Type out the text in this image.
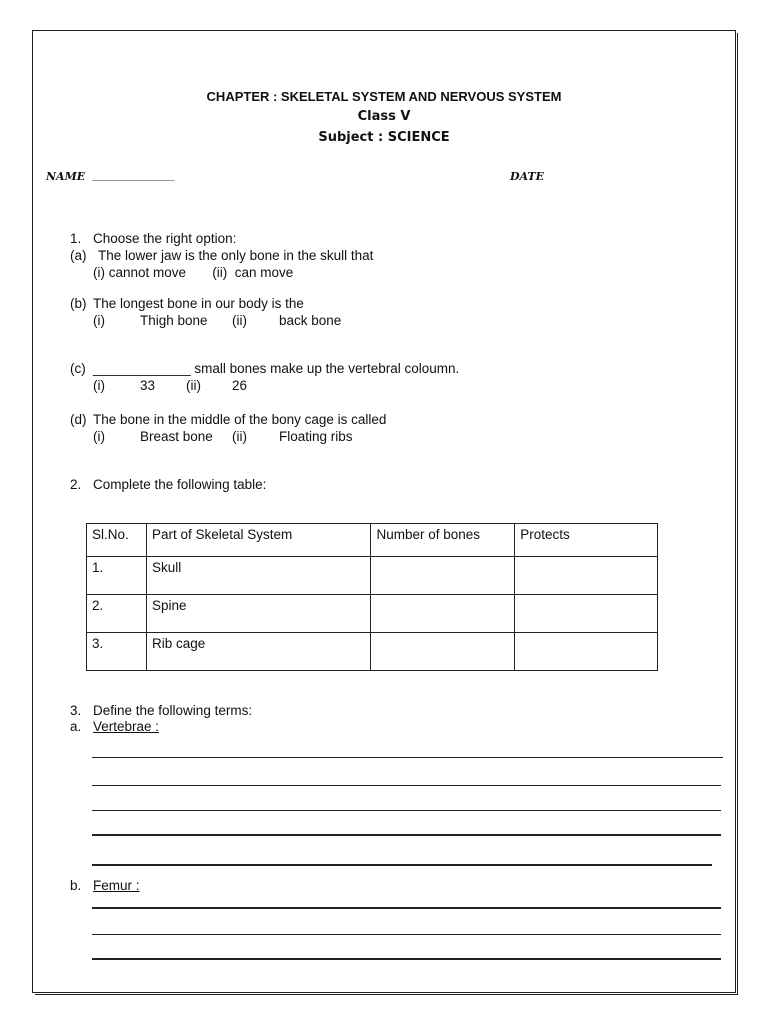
CHAPTER : SKELETAL SYSTEM AND NERVOUS SYSTEM
Class V
Subject : SCIENCE
NAME _______________	DATE
1. Choose the right option:
(a) The lower jaw is the only bone in the skull that
(i) cannot move       (ii)  can move
(b) The longest bone in our body is the
(i)	Thigh bone (ii) back bone
(c) _____________ small bones make up the vertebral coloumn.
(i)	33 (ii) 26
(d) The bone in the middle of the bony cage is called
(i)	Breast bone (ii) Floating ribs
2. Complete the following table:
Sl.No.	Part of Skeletal System	Number of bones	Protects
1.	Skull		
2.	Spine		
3.	Rib cage		
3. Define the following terms:
a. Vertebrae :
b. Femur :
